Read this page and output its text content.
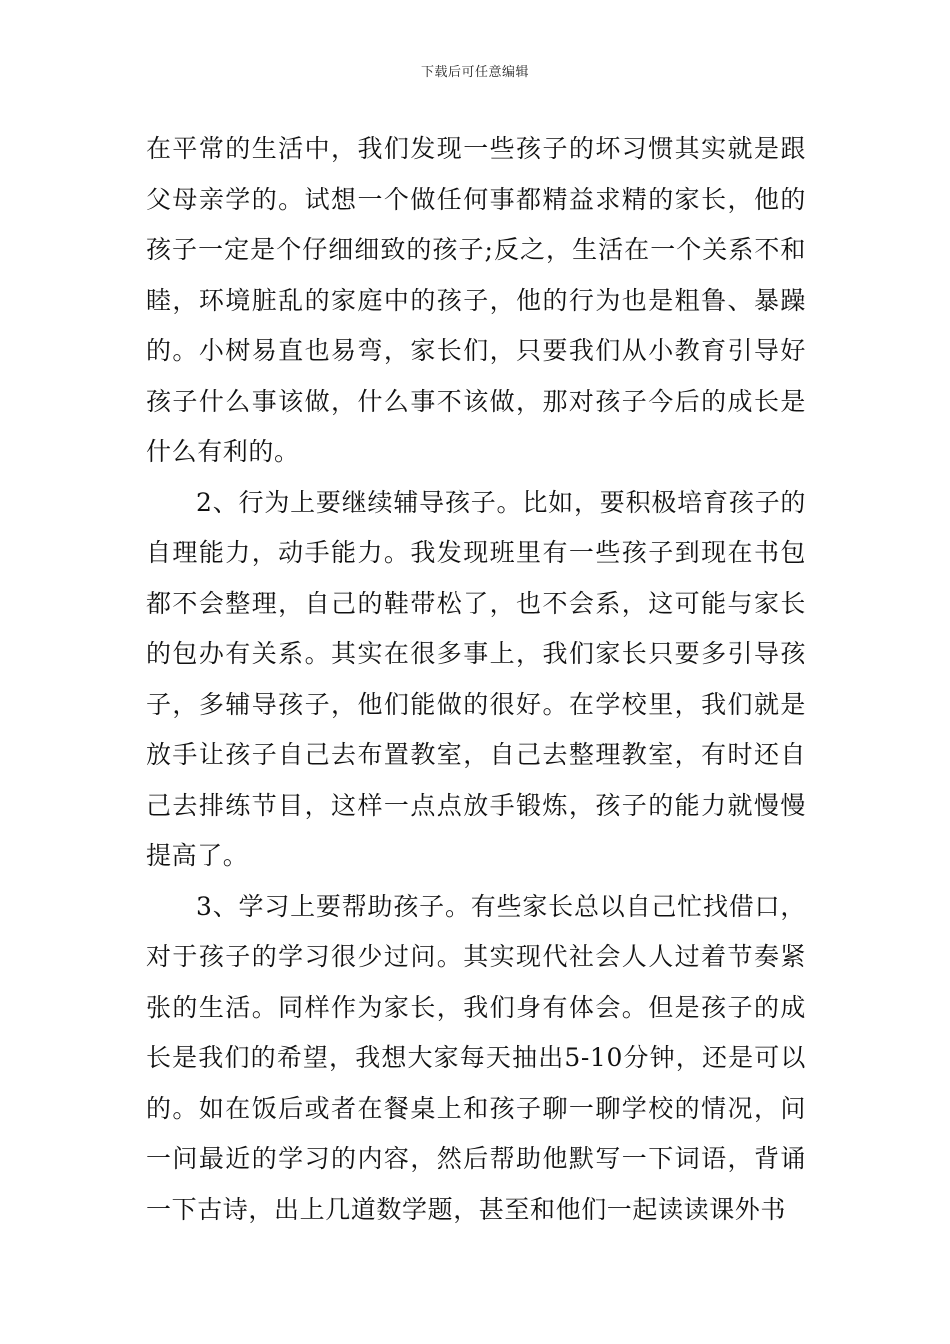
下载后可任意编辑

在平常的生活中，我们发现一些孩子的坏习惯其实就是跟父母亲学的。试想一个做任何事都精益求精的家长，他的孩子一定是个仔细细致的孩子;反之，生活在一个关系不和睦，环境脏乱的家庭中的孩子，他的行为也是粗鲁、暴躁的。小树易直也易弯，家长们，只要我们从小教育引导好孩子什么事该做，什么事不该做，那对孩子今后的成长是什么有利的。

2、行为上要继续辅导孩子。比如，要积极培育孩子的自理能力，动手能力。我发现班里有一些孩子到现在书包都不会整理，自己的鞋带松了，也不会系，这可能与家长的包办有关系。其实在很多事上，我们家长只要多引导孩子，多辅导孩子，他们能做的很好。在学校里，我们就是放手让孩子自己去布置教室，自己去整理教室，有时还自己去排练节目，这样一点点放手锻炼，孩子的能力就慢慢提高了。

3、学习上要帮助孩子。有些家长总以自己忙找借口，对于孩子的学习很少过问。其实现代社会人人过着节奏紧张的生活。同样作为家长，我们身有体会。但是孩子的成长是我们的希望，我想大家每天抽出5-10分钟，还是可以的。如在饭后或者在餐桌上和孩子聊一聊学校的情况，问一问最近的学习的内容，然后帮助他默写一下词语，背诵一下古诗，出上几道数学题，甚至和他们一起读读课外书
